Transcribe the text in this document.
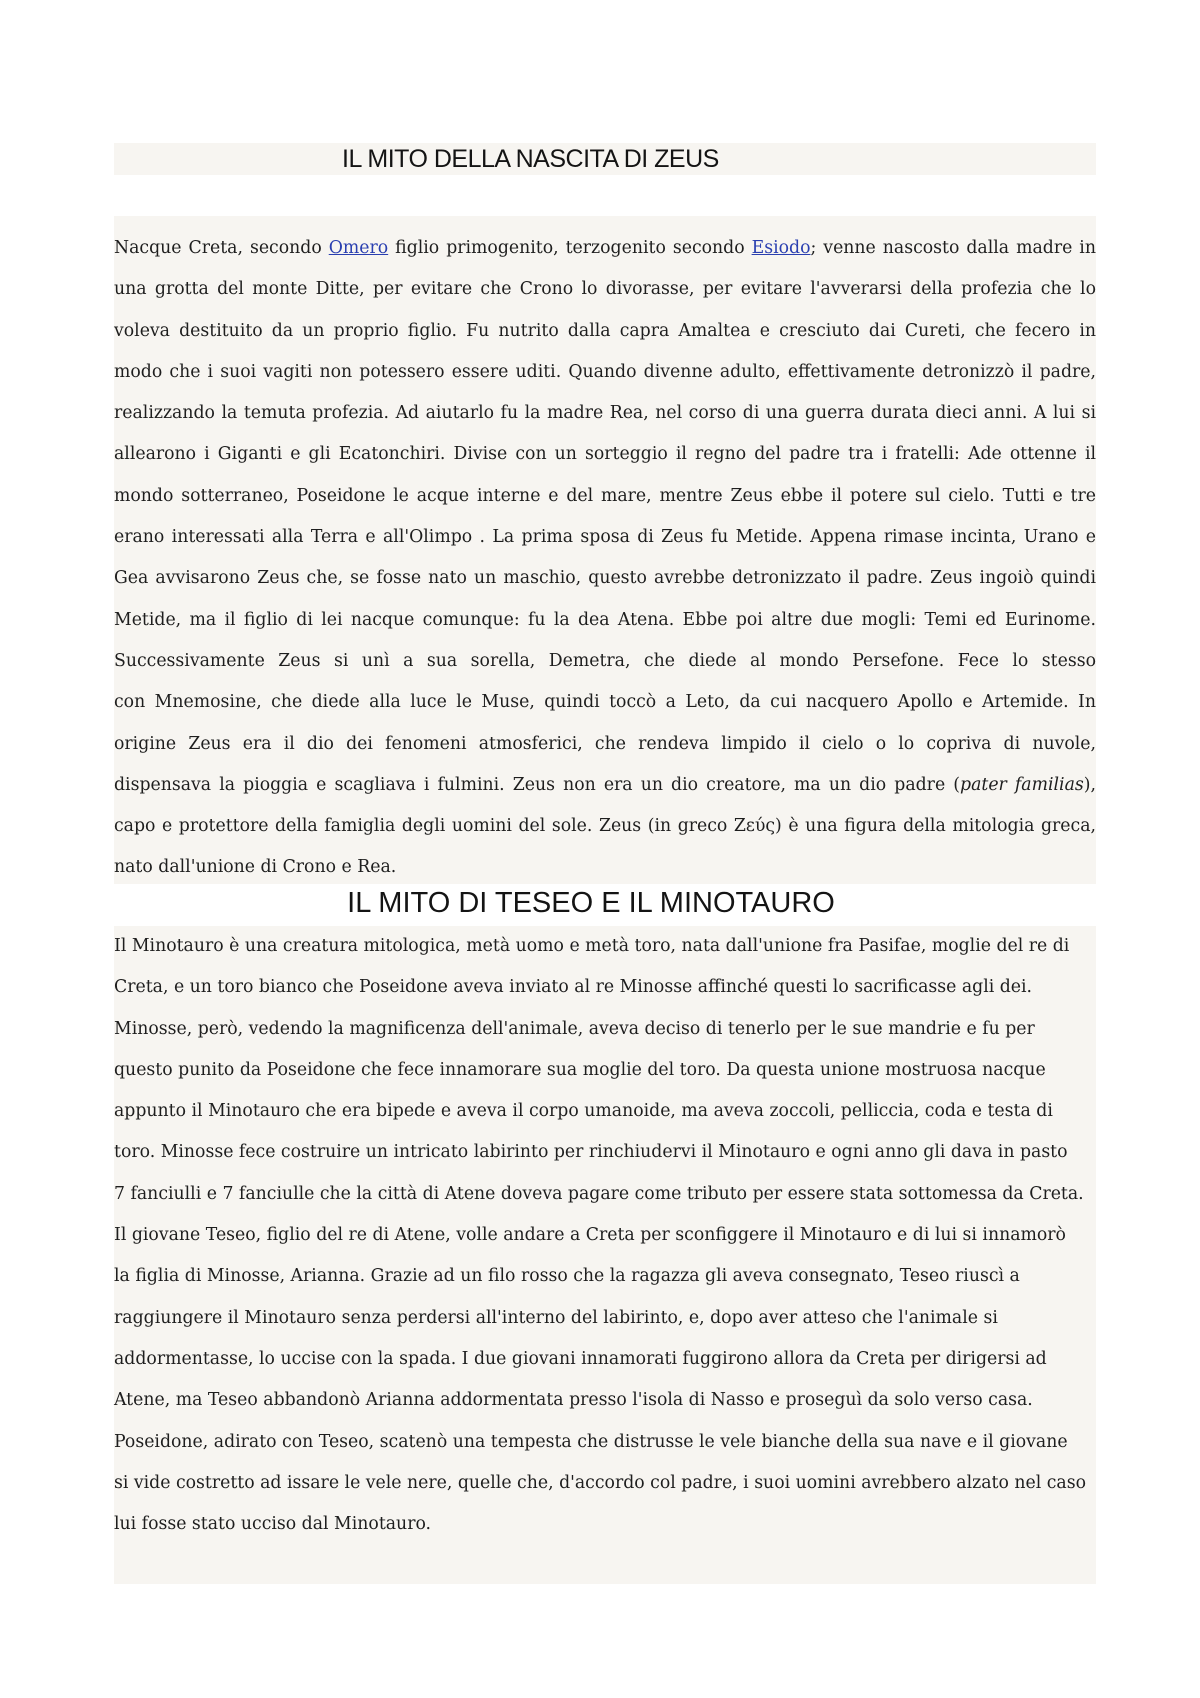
IL MITO DELLA NASCITA DI ZEUS
Nacque Creta, secondo Omero figlio primogenito, terzogenito secondo Esiodo; venne nascosto dalla madre in
una grotta del monte Ditte, per evitare che Crono lo divorasse, per evitare l'avverarsi della profezia che lo
voleva destituito da un proprio figlio. Fu nutrito dalla capra Amaltea e cresciuto dai Cureti, che fecero in
modo che i suoi vagiti non potessero essere uditi. Quando divenne adulto, effettivamente detronizzò il padre,
realizzando la temuta profezia. Ad aiutarlo fu la madre Rea, nel corso di una guerra durata dieci anni. A lui si
allearono i Giganti e gli Ecatonchiri. Divise con un sorteggio il regno del padre tra i fratelli: Ade ottenne il
mondo sotterraneo, Poseidone le acque interne e del mare, mentre Zeus ebbe il potere sul cielo. Tutti e tre
erano interessati alla Terra e all'Olimpo . La prima sposa di Zeus fu Metide. Appena rimase incinta, Urano e
Gea avvisarono Zeus che, se fosse nato un maschio, questo avrebbe detronizzato il padre. Zeus ingoiò quindi
Metide, ma il figlio di lei nacque comunque: fu la dea Atena. Ebbe poi altre due mogli: Temi ed Eurinome.
Successivamente Zeus si unì a sua sorella, Demetra, che diede al mondo Persefone. Fece lo stesso
con Mnemosine, che diede alla luce le Muse, quindi toccò a Leto, da cui nacquero Apollo e Artemide. In
origine Zeus era il dio dei fenomeni atmosferici, che rendeva limpido il cielo o lo copriva di nuvole,
dispensava la pioggia e scagliava i fulmini. Zeus non era un dio creatore, ma un dio padre (pater familias),
capo e protettore della famiglia degli uomini del sole. Zeus (in greco Ζεύς) è una figura della mitologia greca,
nato dall'unione di Crono e Rea.
IL MITO DI TESEO E IL MINOTAURO
Il Minotauro è una creatura mitologica, metà uomo e metà toro, nata dall'unione fra Pasifae, moglie del re di
Creta, e un toro bianco che Poseidone aveva inviato al re Minosse affinché questi lo sacrificasse agli dei.
Minosse, però, vedendo la magnificenza dell'animale, aveva deciso di tenerlo per le sue mandrie e fu per
questo punito da Poseidone che fece innamorare sua moglie del toro. Da questa unione mostruosa nacque
appunto il Minotauro che era bipede e aveva il corpo umanoide, ma aveva zoccoli, pelliccia, coda e testa di
toro. Minosse fece costruire un intricato labirinto per rinchiudervi il Minotauro e ogni anno gli dava in pasto
7 fanciulli e 7 fanciulle che la città di Atene doveva pagare come tributo per essere stata sottomessa da Creta.
Il giovane Teseo, figlio del re di Atene, volle andare a Creta per sconfiggere il Minotauro e di lui si innamorò
la figlia di Minosse, Arianna. Grazie ad un filo rosso che la ragazza gli aveva consegnato, Teseo riuscì a
raggiungere il Minotauro senza perdersi all'interno del labirinto, e, dopo aver atteso che l'animale si
addormentasse, lo uccise con la spada. I due giovani innamorati fuggirono allora da Creta per dirigersi ad
Atene, ma Teseo abbandonò Arianna addormentata presso l'isola di Nasso e proseguì da solo verso casa.
Poseidone, adirato con Teseo, scatenò una tempesta che distrusse le vele bianche della sua nave e il giovane
si vide costretto ad issare le vele nere, quelle che, d'accordo col padre, i suoi uomini avrebbero alzato nel caso
lui fosse stato ucciso dal Minotauro.
